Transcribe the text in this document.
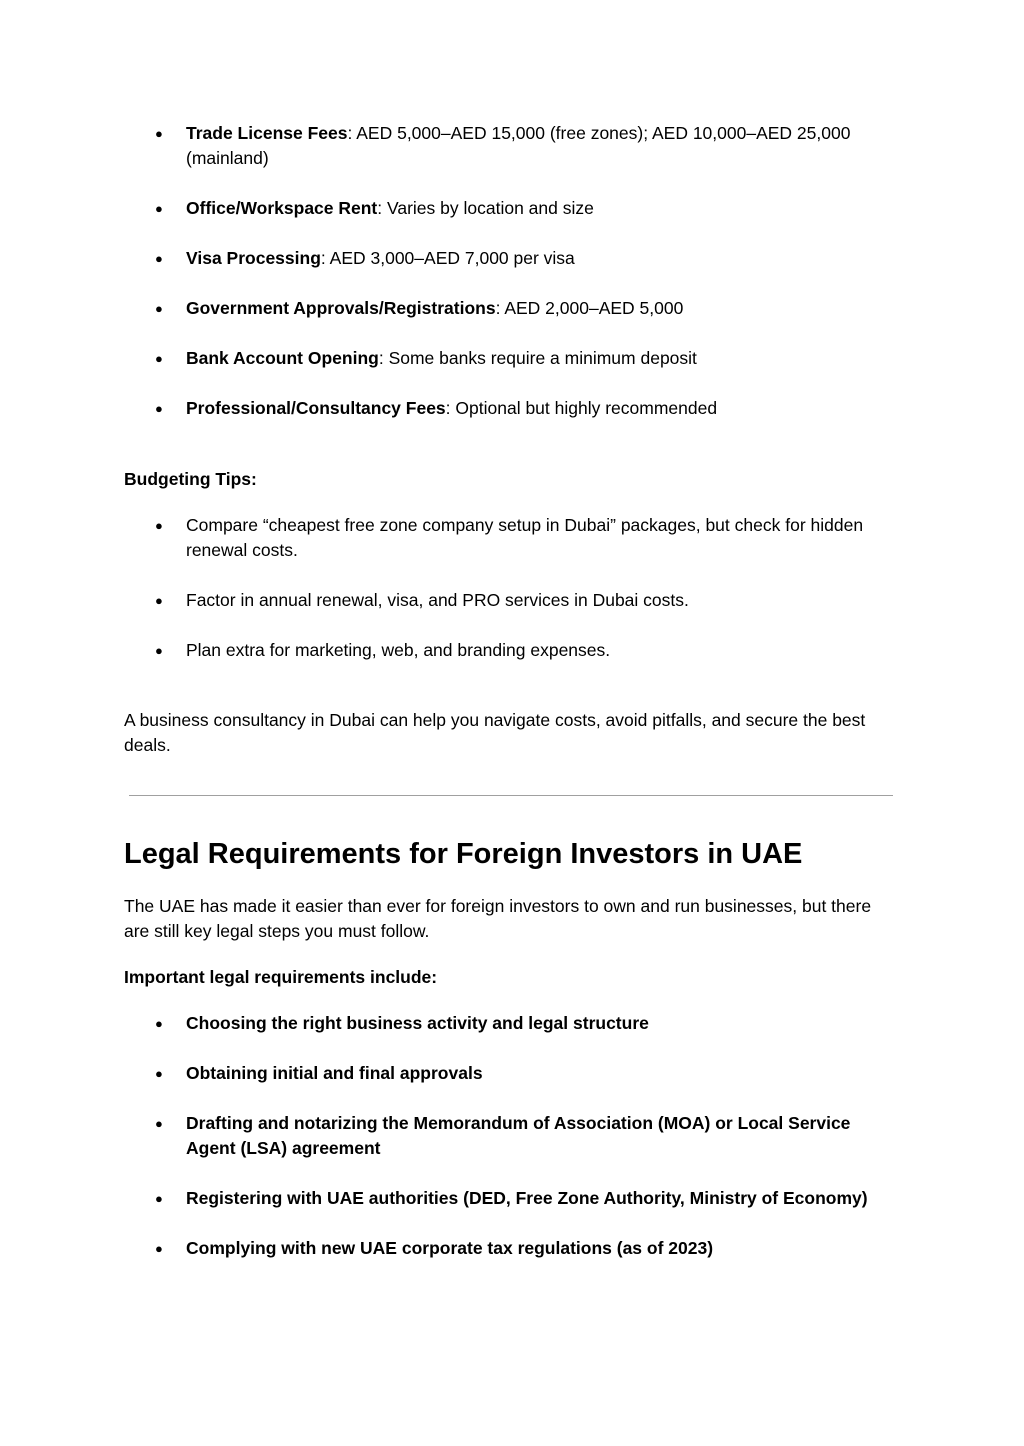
● Trade License Fees: AED 5,000–AED 15,000 (free zones); AED 10,000–AED 25,000 (mainland)
● Office/Workspace Rent: Varies by location and size
● Visa Processing: AED 3,000–AED 7,000 per visa
● Government Approvals/Registrations: AED 2,000–AED 5,000
● Bank Account Opening: Some banks require a minimum deposit
● Professional/Consultancy Fees: Optional but highly recommended

Budgeting Tips:

● Compare “cheapest free zone company setup in Dubai” packages, but check for hidden renewal costs.
● Factor in annual renewal, visa, and PRO services in Dubai costs.
● Plan extra for marketing, web, and branding expenses.

A business consultancy in Dubai can help you navigate costs, avoid pitfalls, and secure the best deals.

Legal Requirements for Foreign Investors in UAE

The UAE has made it easier than ever for foreign investors to own and run businesses, but there are still key legal steps you must follow.

Important legal requirements include:

● Choosing the right business activity and legal structure
● Obtaining initial and final approvals
● Drafting and notarizing the Memorandum of Association (MOA) or Local Service Agent (LSA) agreement
● Registering with UAE authorities (DED, Free Zone Authority, Ministry of Economy)
● Complying with new UAE corporate tax regulations (as of 2023)
